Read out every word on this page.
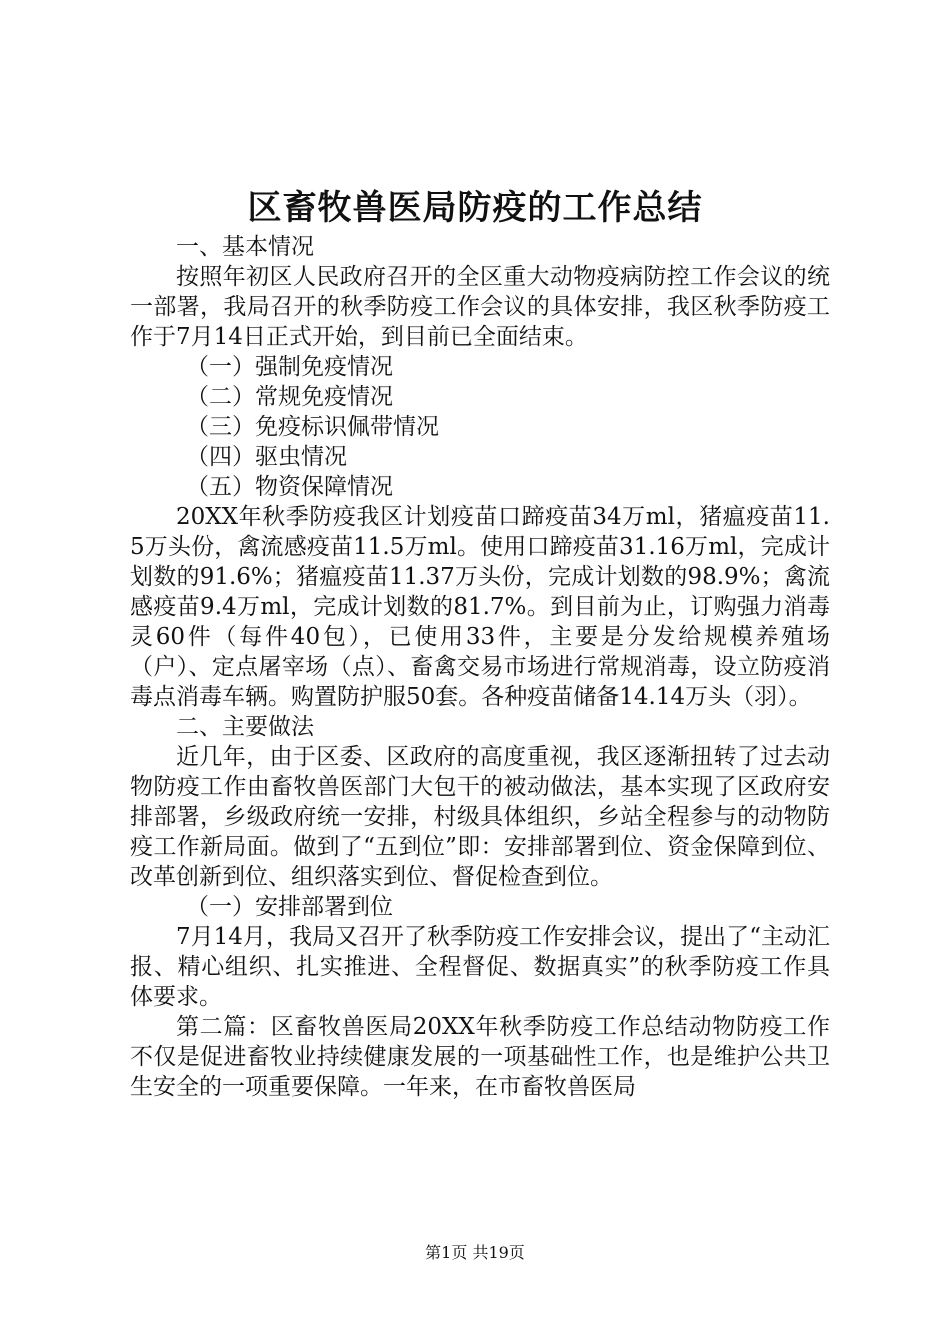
区畜牧兽医局防疫的工作总结

一、基本情况

按照年初区人民政府召开的全区重大动物疫病防控工作会议的统一部署，我局召开的秋季防疫工作会议的具体安排，我区秋季防疫工作于7月14日正式开始，到目前已全面结束。

（一）强制免疫情况

（二）常规免疫情况

（三）免疫标识佩带情况

（四）驱虫情况

（五）物资保障情况

20XX年秋季防疫我区计划疫苗口蹄疫苗34万ml，猪瘟疫苗11.5万头份，禽流感疫苗11.5万ml。使用口蹄疫苗31.16万ml，完成计划数的91.6%；猪瘟疫苗11.37万头份，完成计划数的98.9%；禽流感疫苗9.4万ml，完成计划数的81.7%。到目前为止，订购强力消毒灵60件（每件40包），已使用33件，主要是分发给规模养殖场（户）、定点屠宰场（点）、畜禽交易市场进行常规消毒，设立防疫消毒点消毒车辆。购置防护服50套。各种疫苗储备14.14万头（羽）。

二、主要做法

近几年，由于区委、区政府的高度重视，我区逐渐扭转了过去动物防疫工作由畜牧兽医部门大包干的被动做法，基本实现了区政府安排部署，乡级政府统一安排，村级具体组织，乡站全程参与的动物防疫工作新局面。做到了“五到位”即：安排部署到位、资金保障到位、改革创新到位、组织落实到位、督促检查到位。

（一）安排部署到位

7月14月，我局又召开了秋季防疫工作安排会议，提出了“主动汇报、精心组织、扎实推进、全程督促、数据真实”的秋季防疫工作具体要求。

第二篇：区畜牧兽医局20XX年秋季防疫工作总结动物防疫工作不仅是促进畜牧业持续健康发展的一项基础性工作，也是维护公共卫生安全的一项重要保障。一年来，在市畜牧兽医局

第1页 共19页
